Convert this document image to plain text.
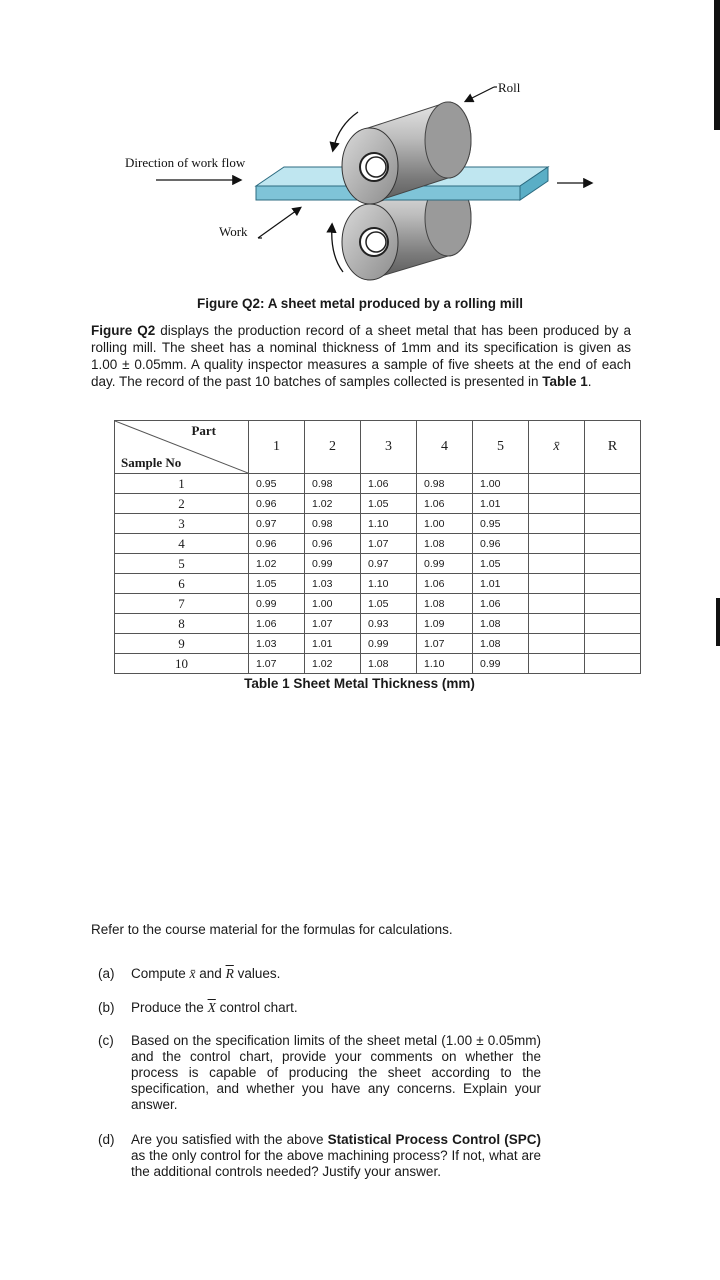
Roll
Direction of work flow
Work
Figure Q2: A sheet metal produced by a rolling mill
Figure Q2 displays the production record of a sheet metal that has been produced by a rolling mill. The sheet has a nominal thickness of 1mm and its specification is given as 1.00 ± 0.05mm. A quality inspector measures a sample of five sheets at the end of each day. The record of the past 10 batches of samples collected is presented in Table 1.
Part
Sample No	1	2	3	4	5	x̄	R
1	0.95	0.98	1.06	0.98	1.00		
2	0.96	1.02	1.05	1.06	1.01		
3	0.97	0.98	1.10	1.00	0.95		
4	0.96	0.96	1.07	1.08	0.96		
5	1.02	0.99	0.97	0.99	1.05		
6	1.05	1.03	1.10	1.06	1.01		
7	0.99	1.00	1.05	1.08	1.06		
8	1.06	1.07	0.93	1.09	1.08		
9	1.03	1.01	0.99	1.07	1.08		
10	1.07	1.02	1.08	1.10	0.99		
Table 1 Sheet Metal Thickness (mm)
Refer to the course material for the formulas for calculations.
(a) Compute x̄ and $\overline{R}$ values.
(b) Produce the $\overline{X}$ control chart.
(c) Based on the specification limits of the sheet metal (1.00 ± 0.05mm) and the control chart, provide your comments on whether the process is capable of producing the sheet according to the specification, and whether you have any concerns. Explain your answer.
(d) Are you satisfied with the above Statistical Process Control (SPC) as the only control for the above machining process? If not, what are the additional controls needed? Justify your answer.
